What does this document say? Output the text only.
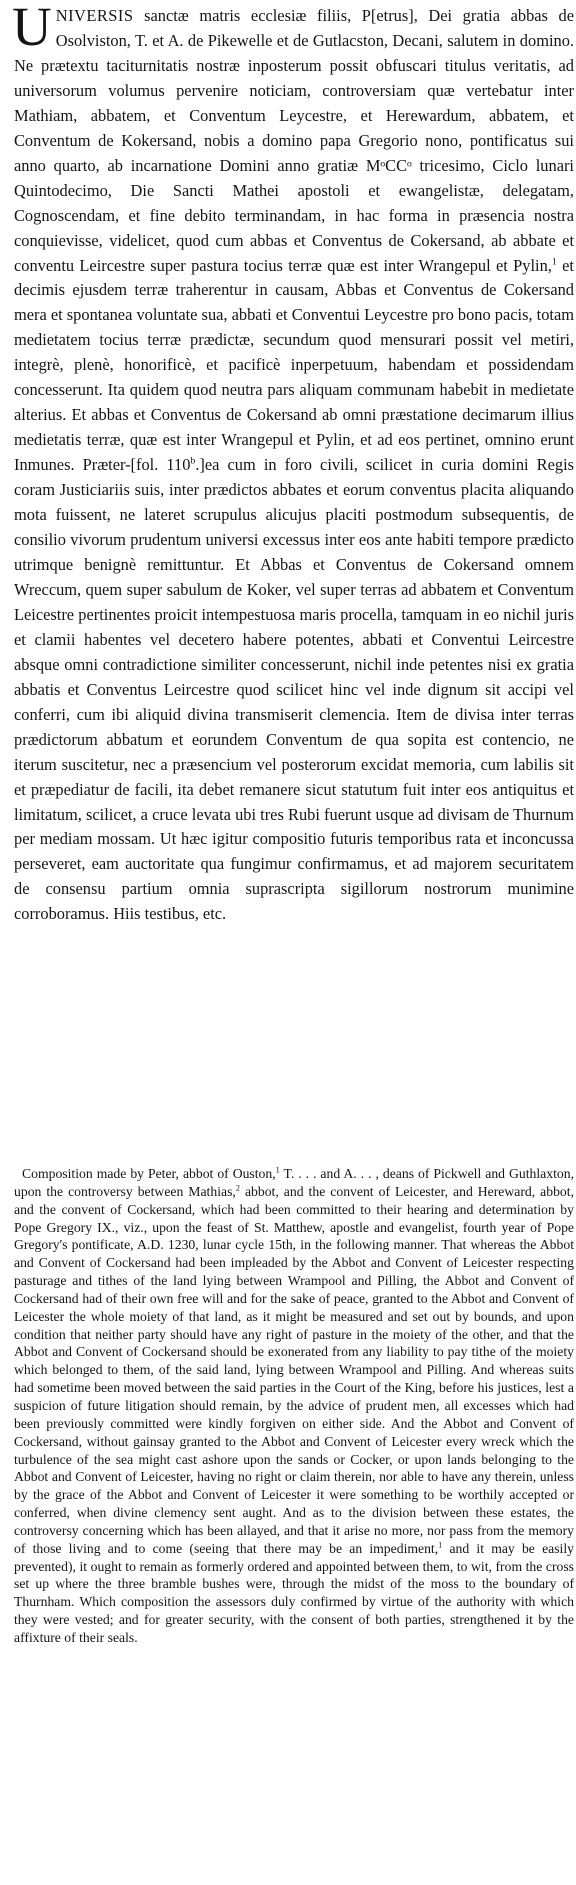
UNIVERSIS sanctæ matris ecclesiæ filiis, P[etrus], Dei gratia abbas de Osolviston, T. et A. de Pikewelle et de Gutlacston, Decani, salutem in domino. Ne prætextu taciturnitatis nostræ inposterum possit obfuscari titulus veritatis, ad universorum volumus pervenire noticiam, controversiam quæ vertebatur inter Mathiam, abbatem, et Conventum Leycestre, et Herewardum, abbatem, et Conventum de Kokersand, nobis a domino papa Gregorio nono, pontificatus sui anno quarto, ab incarnatione Domini anno gratiæ MᵒCCᵒ tricesimo, Ciclo lunari Quintodecimo, Die Sancti Mathei apostoli et ewangelistæ, delegatam, Cognoscendam, et fine debito terminandam, in hac forma in præsencia nostra conquievisse, videlicet, quod cum abbas et Conventus de Cokersand, ab abbate et conventu Leircestre super pastura tocius terræ quæ est inter Wrangepul et Pylin,$^1$ et decimis ejusdem terræ traherentur in causam, Abbas et Conventus de Cokersand mera et spontanea voluntate sua, abbati et Conventui Leycestre pro bono pacis, totam medietatem tocius terræ prædictæ, secundum quod mensurari possit vel metiri, integrè, plenè, honorificè, et pacificè inperpetuum, habendam et possidendam concesserunt. Ita quidem quod neutra pars aliquam communam habebit in medietate alterius. Et abbas et Conventus de Cokersand ab omni præstatione decimarum illius medietatis terræ, quæ est inter Wrangepul et Pylin, et ad eos pertinet, omnino erunt Inmunes. Præter-[fol. 110$^b$.]ea cum in foro civili, scilicet in curia domini Regis coram Justiciariis suis, inter prædictos abbates et eorum conventus placita aliquando mota fuissent, ne lateret scrupulus alicujus placiti postmodum subsequentis, de consilio vivorum prudentum universi excessus inter eos ante habiti tempore prædicto utrimque benignè remittuntur. Et Abbas et Conventus de Cokersand omnem Wreccum, quem super sabulum de Koker, vel super terras ad abbatem et Conventum Leicestre pertinentes proicit intempestuosa maris procella, tamquam in eo nichil juris et clamii habentes vel decetero habere potentes, abbati et Conventui Leircestre absque omni contradictione similiter concesserunt, nichil inde petentes nisi ex gratia abbatis et Conventus Leircestre quod scilicet hinc vel inde dignum sit accipi vel conferri, cum ibi aliquid divina transmiserit clemencia. Item de divisa inter terras prædictorum abbatum et eorundem Conventum de qua sopita est contencio, ne iterum suscitetur, nec a præsencium vel posterorum excidat memoria, cum labilis sit et præpediatur de facili, ita debet remanere sicut statutum fuit inter eos antiquitus et limitatum, scilicet, a cruce levata ubi tres Rubi fuerunt usque ad divisam de Thurnum per mediam mossam. Ut hæc igitur compositio futuris temporibus rata et inconcussa perseveret, eam auctoritate qua fungimur confirmamus, et ad majorem securitatem de consensu partium omnia suprascripta sigillorum nostrorum munimine corroboramus. Hiis testibus, etc.

Composition made by Peter, abbot of Ouston,$^1$ T. . . . and A. . . , deans of Pickwell and Guthlaxton, upon the controversy between Mathias,$^2$ abbot, and the convent of Leicester, and Hereward, abbot, and the convent of Cockersand, which had been committed to their hearing and determination by Pope Gregory IX., viz., upon the feast of St. Matthew, apostle and evangelist, fourth year of Pope Gregory's pontificate, A.D. 1230, lunar cycle 15th, in the following manner. That whereas the Abbot and Convent of Cockersand had been impleaded by the Abbot and Convent of Leicester respecting pasturage and tithes of the land lying between Wrampool and Pilling, the Abbot and Convent of Cockersand had of their own free will and for the sake of peace, granted to the Abbot and Convent of Leicester the whole moiety of that land, as it might be measured and set out by bounds, and upon condition that neither party should have any right of pasture in the moiety of the other, and that the Abbot and Convent of Cockersand should be exonerated from any liability to pay tithe of the moiety which belonged to them, of the said land, lying between Wrampool and Pilling. And whereas suits had sometime been moved between the said parties in the Court of the King, before his justices, lest a suspicion of future litigation should remain, by the advice of prudent men, all excesses which had been previously committed were kindly forgiven on either side. And the Abbot and Convent of Cockersand, without gainsay granted to the Abbot and Convent of Leicester every wreck which the turbulence of the sea might cast ashore upon the sands or Cocker, or upon lands belonging to the Abbot and Convent of Leicester, having no right or claim therein, nor able to have any therein, unless by the grace of the Abbot and Convent of Leicester it were something to be worthily accepted or conferred, when divine clemency sent aught. And as to the division between these estates, the controversy concerning which has been allayed, and that it arise no more, nor pass from the memory of those living and to come (seeing that there may be an impediment,$^1$ and it may be easily prevented), it ought to remain as formerly ordered and appointed between them, to wit, from the cross set up where the three bramble bushes were, through the midst of the moss to the boundary of Thurnham. Which composition the assessors duly confirmed by virtue of the authority with which they were vested; and for greater security, with the consent of both parties, strengthened it by the affixture of their seals.
